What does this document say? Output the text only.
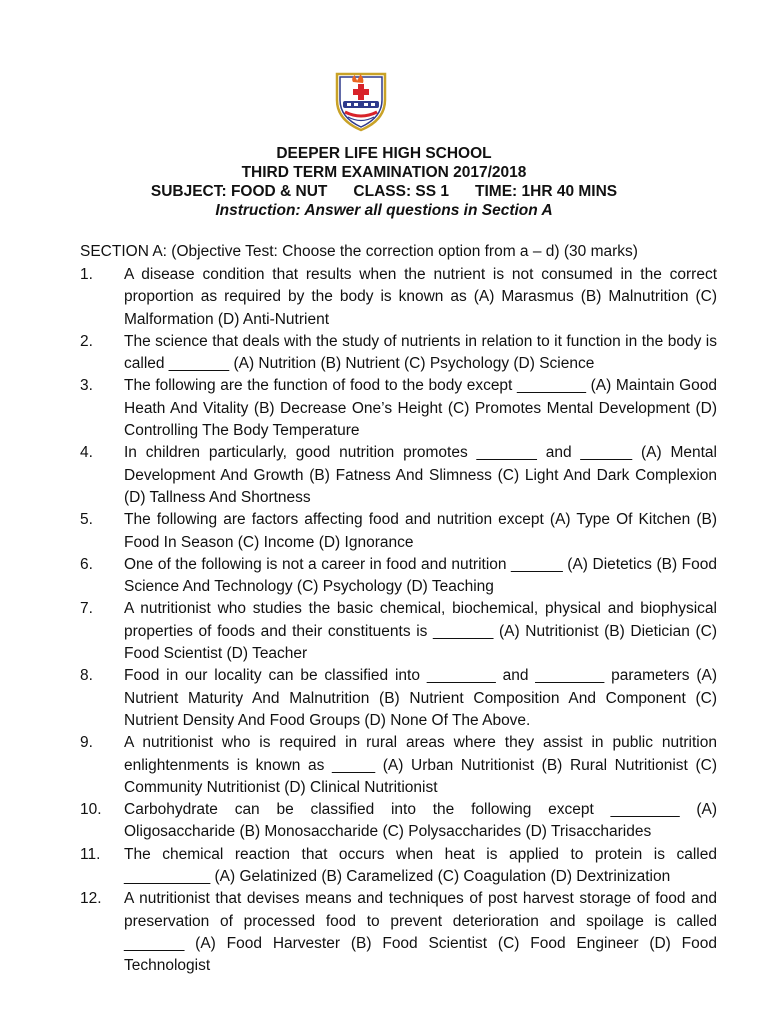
DEEPER LIFE HIGH SCHOOL
THIRD TERM EXAMINATION 2017/2018
SUBJECT: FOOD & NUT CLASS: SS 1 TIME: 1HR 40 MINS
Instruction: Answer all questions in Section A
SECTION A: (Objective Test: Choose the correction option from a – d) (30 marks)
1.	A disease condition that results when the nutrient is not consumed in the correct proportion as required by the body is known as (A) Marasmus (B) Malnutrition (C) Malformation (D) Anti-Nutrient
2.	The science that deals with the study of nutrients in relation to it function in the body is called _______ (A) Nutrition (B) Nutrient (C) Psychology (D) Science
3.	The following are the function of food to the body except ________ (A) Maintain Good Heath And Vitality (B) Decrease One’s Height (C) Promotes Mental Development (D) Controlling The Body Temperature
4.	In children particularly, good nutrition promotes _______ and ______ (A) Mental Development And Growth (B) Fatness And Slimness (C) Light And Dark Complexion (D) Tallness And Shortness
5.	The following are factors affecting food and nutrition except (A) Type Of Kitchen (B) Food In Season (C) Income (D) Ignorance
6.	One of the following is not a career in food and nutrition ______ (A) Dietetics (B) Food Science And Technology (C) Psychology (D) Teaching
7.	A nutritionist who studies the basic chemical, biochemical, physical and biophysical properties of foods and their constituents is _______ (A) Nutritionist (B) Dietician (C) Food Scientist (D) Teacher
8.	Food in our locality can be classified into ________ and ________ parameters (A) Nutrient Maturity And Malnutrition (B) Nutrient Composition And Component (C) Nutrient Density And Food Groups (D) None Of The Above.
9.	A nutritionist who is required in rural areas where they assist in public nutrition enlightenments is known as _____ (A) Urban Nutritionist (B) Rural Nutritionist (C) Community Nutritionist (D) Clinical Nutritionist
10.	Carbohydrate can be classified into the following except ________ (A) Oligosaccharide (B) Monosaccharide (C) Polysaccharides (D) Trisaccharides
11.	The chemical reaction that occurs when heat is applied to protein is called __________ (A) Gelatinized (B) Caramelized (C) Coagulation (D) Dextrinization
12.	A nutritionist that devises means and techniques of post harvest storage of food and preservation of processed food to prevent deterioration and spoilage is called _______ (A) Food Harvester (B) Food Scientist (C) Food Engineer (D) Food Technologist
